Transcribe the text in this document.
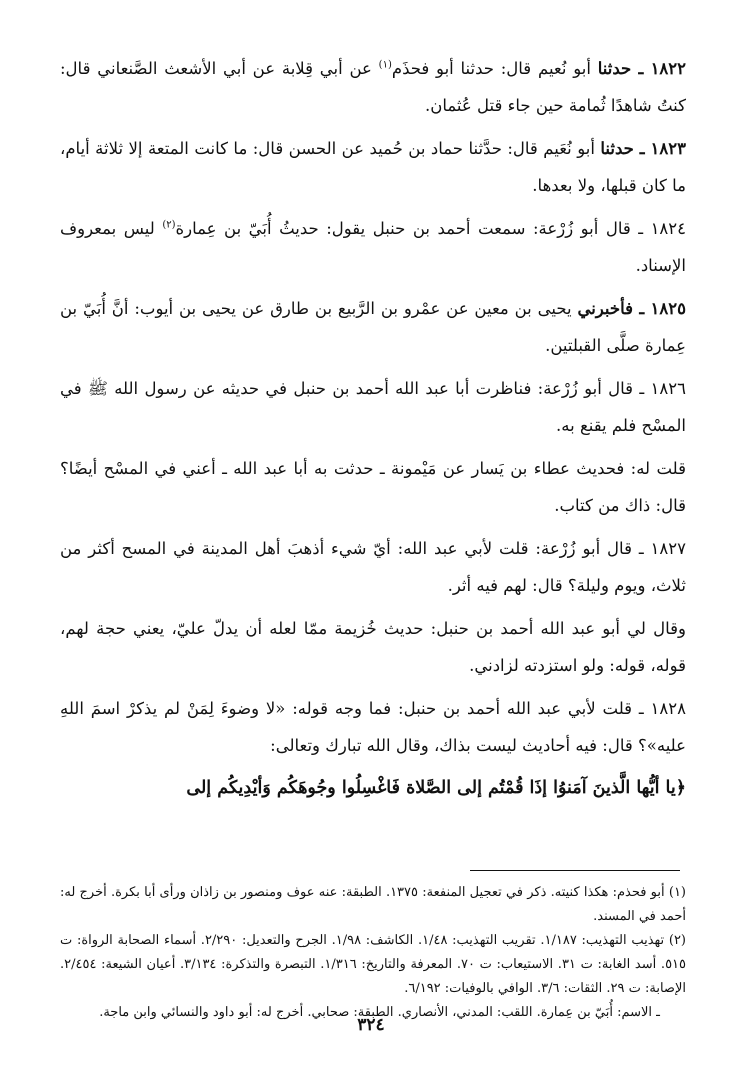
١٨٢٢ ـ حدثنا أبو نُعيم قال: حدثنا أبو فحذَم$^{(١)}$ عن أبي قِلابة عن أبي الأشعث الصَّنعاني قال: كنتُ شاهدًا ثُمامة حين جاء قتل عُثمان.

١٨٢٣ ـ حدثنا أبو نُعَيم قال: حدَّثنا حماد بن حُميد عن الحسن قال: ما كانت المتعة إلا ثلاثة أيام، ما كان قبلها، ولا بعدها.

١٨٢٤ ـ قال أبو زُرْعة: سمعت أحمد بن حنبل يقول: حديثُ أُبَيّ بن عِمارة$^{(٢)}$ ليس بمعروف الإسناد.

١٨٢٥ ـ فأخبرني يحيى بن معين عن عمْرو بن الرَّبيع بن طارق عن يحيى بن أيوب: أنَّ أُبَيّ بن عِمارة صلَّى القبلتين.

١٨٢٦ ـ قال أبو زُرْعة: فناظرت أبا عبد الله أحمد بن حنبل في حديثه عن رسول الله ﷺ في المسْح فلم يقنع به.

قلت له: فحديث عطاء بن يَسار عن مَيْمونة ـ حدثت به أبا عبد الله ـ أعني في المسْح أيضًا؟ قال: ذاك من كتاب.

١٨٢٧ ـ قال أبو زُرْعة: قلت لأبي عبد الله: أيّ شيء أذهبَ أهل المدينة في المسح أكثر من ثلاث، ويوم وليلة؟ قال: لهم فيه أثر.

وقال لي أبو عبد الله أحمد بن حنبل: حديث خُزيمة ممّا لعله أن يدلّ عليّ، يعني حجة لهم، قوله، قوله: ولو استزدته لزادني.

١٨٢٨ ـ قلت لأبي عبد الله أحمد بن حنبل: فما وجه قوله: «لا وضوءَ لِمَنْ لم يذكرْ اسمَ اللهِ عليه»؟ قال: فيه أحاديث ليست بذاك، وقال الله تبارك وتعالى:

﴿يا أيُّها الَّذينَ آمَنوُا إذَا قُمْتُم إلى الصَّلاة فَاغْسِلُوا وجُوهَكُم وَأيْدِيكُم إلى

(١) أبو فحذم: هكذا كنيته. ذكر في تعجيل المنفعة: ١٣٧٥. الطبقة: عنه عوف ومنصور بن زاذان ورأى أبا بكرة. أخرج له: أحمد في المسند.

(٢) تهذيب التهذيب: ١/١٨٧. تقريب التهذيب: ١/٤٨. الكاشف: ١/٩٨. الجرح والتعديل: ٢/٢٩٠. أسماء الصحابة الرواة: ت ٥١٥. أسد الغابة: ت ٣١. الاستيعاب: ت ٧٠. المعرفة والتاريخ: ١/٣١٦. التبصرة والتذكرة: ٣/١٣٤. أعيان الشيعة: ٢/٤٥٤. الإصابة: ت ٢٩. الثقات: ٣/٦. الوافي بالوفيات: ٦/١٩٢.

ـ الاسم: أُبَيّ بن عِمارة. اللقب: المدني، الأنصاري. الطبقة: صحابي. أخرج له: أبو داود والنسائي وابن ماجة.

٣٢٤
